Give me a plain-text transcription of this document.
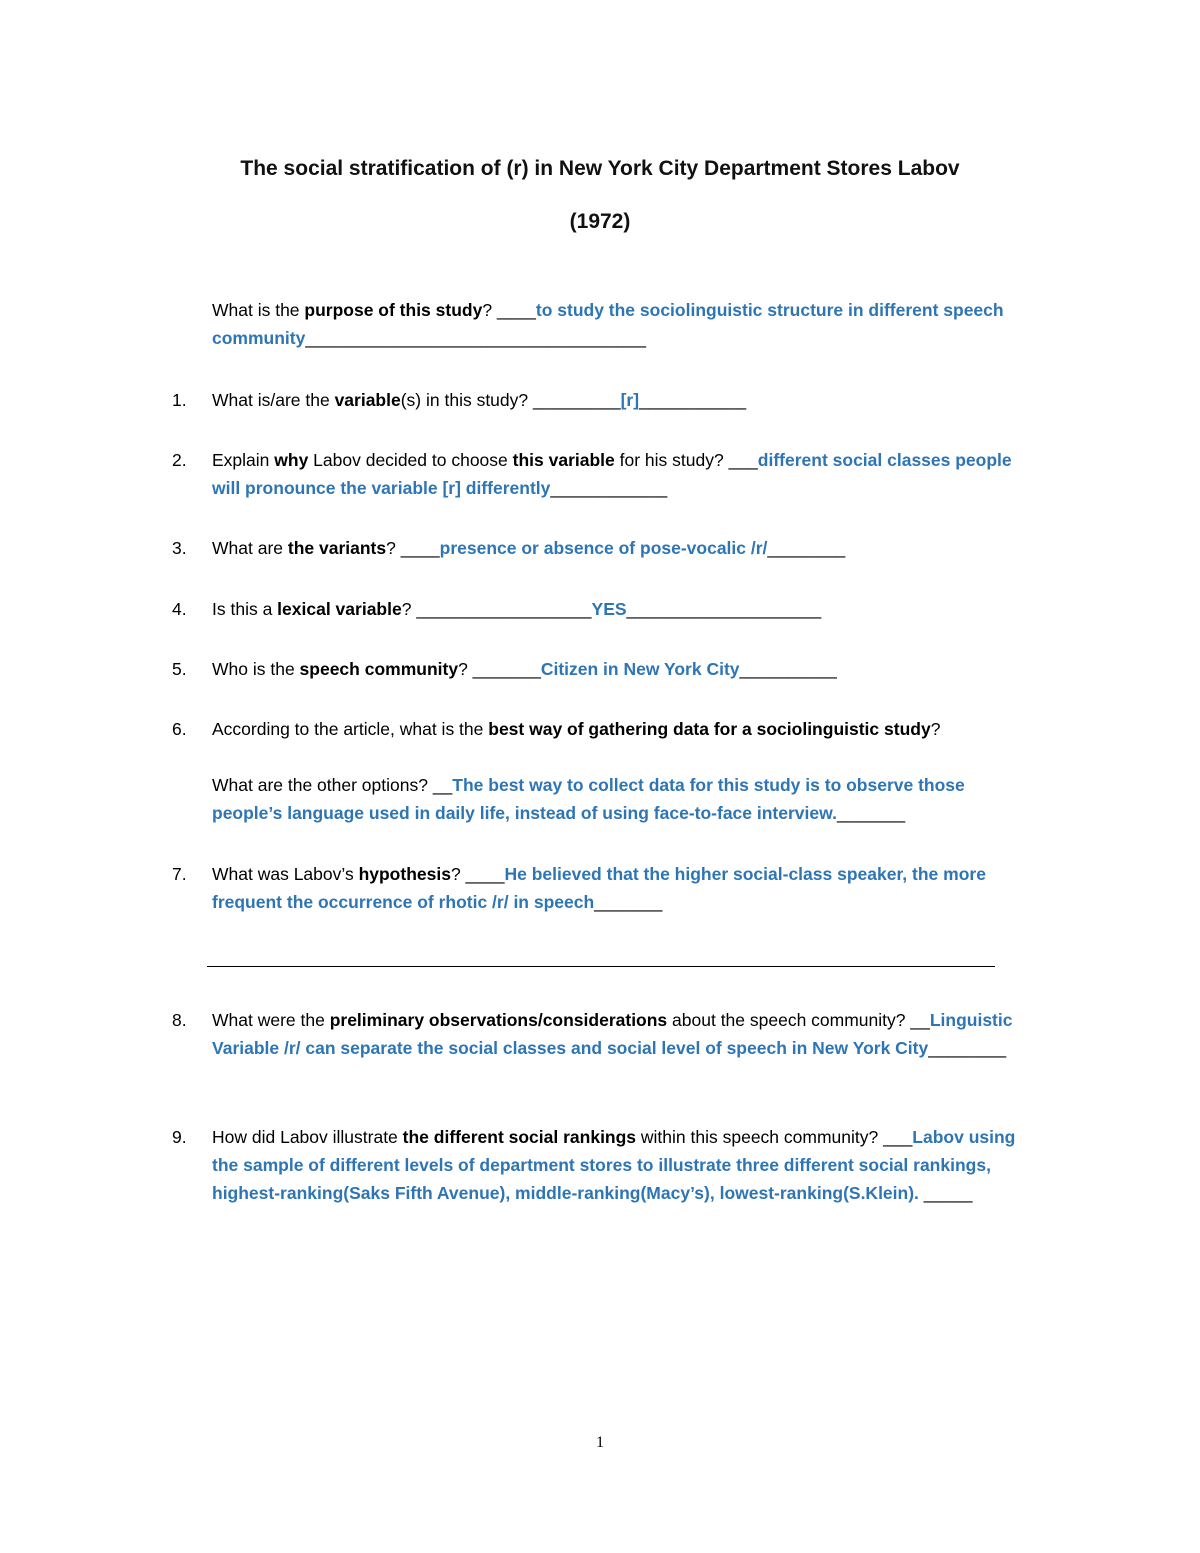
The social stratification of (r) in New York City Department Stores Labov
(1972)
What is the purpose of this study? ____to study the sociolinguistic structure in different speech community___________________________________
1.	What is/are the variable(s) in this study? _________[r]___________
2.	Explain why Labov decided to choose this variable for his study? ___different social classes people will pronounce the variable [r] differently____________
3.	What are the variants? ____presence or absence of pose-vocalic /r/________
4.	Is this a lexical variable? __________________YES____________________
5.	Who is the speech community? _______Citizen in New York City__________
6.	According to the article, what is the best way of gathering data for a sociolinguistic study?
What are the other options? __The best way to collect data for this study is to observe those people’s language used in daily life, instead of using face-to-face interview._______
7.	What was Labov’s hypothesis? ____He believed that the higher social-class speaker, the more frequent the occurrence of rhotic /r/ in speech_______
8.	What were the preliminary observations/considerations about the speech community? __Linguistic Variable /r/ can separate the social classes and social level of speech in New York City________
9.	How did Labov illustrate the different social rankings within this speech community? ___Labov using the sample of different levels of department stores to illustrate three different social rankings, highest-ranking(Saks Fifth Avenue), middle-ranking(Macy’s), lowest-ranking(S.Klein). _____
1
